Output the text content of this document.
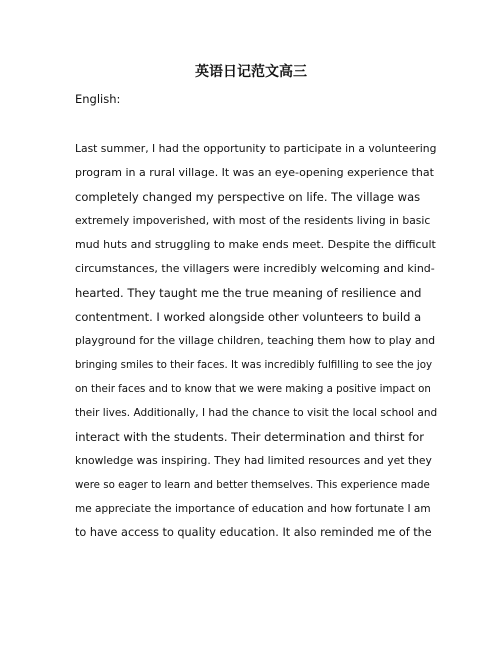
英语日记范文高三
English:
Last summer, I had the opportunity to participate in a volunteering
program in a rural village. It was an eye-opening experience that
completely changed my perspective on life. The village was
extremely impoverished, with most of the residents living in basic
mud huts and struggling to make ends meet. Despite the difficult
circumstances, the villagers were incredibly welcoming and kind-
hearted. They taught me the true meaning of resilience and
contentment. I worked alongside other volunteers to build a
playground for the village children, teaching them how to play and
bringing smiles to their faces. It was incredibly fulfilling to see the joy
on their faces and to know that we were making a positive impact on
their lives. Additionally, I had the chance to visit the local school and
interact with the students. Their determination and thirst for
knowledge was inspiring. They had limited resources and yet they
were so eager to learn and better themselves. This experience made
me appreciate the importance of education and how fortunate I am
to have access to quality education. It also reminded me of the
